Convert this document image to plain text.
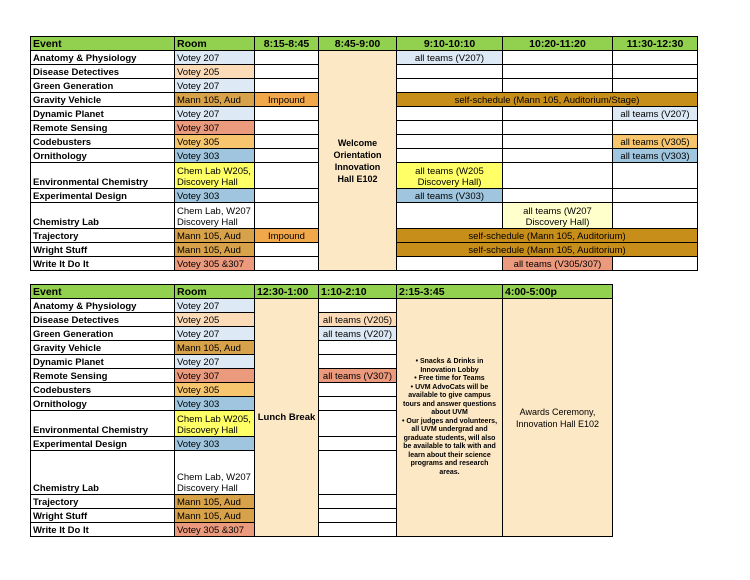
Event	Room	8:15-8:45	8:45-9:00	9:10-10:10	10:20-11:20	11:30-12:30
Anatomy & Physiology	Votey 207		Welcome Orientation Innovation Hall E102	all teams (V207)		
Disease Detectives	Votey 205					
Green Generation	Votey 207					
Gravity Vehicle	Mann 105, Aud	Impound		self-schedule (Mann 105, Auditorium/Stage)		
Dynamic Planet	Votey 207					all teams (V207)
Remote Sensing	Votey 307					
Codebusters	Votey 305					all teams (V305)
Ornithology	Votey 303					all teams (V303)
Environmental Chemistry	Chem Lab W205, Discovery Hall			all teams (W205 Discovery Hall)		
Experimental Design	Votey 303			all teams (V303)		
Chemistry Lab	Chem Lab, W207 Discovery Hall				all teams (W207 Discovery Hall)	
Trajectory	Mann 105, Aud	Impound		self-schedule (Mann 105, Auditorium)		
Wright Stuff	Mann 105, Aud			self-schedule (Mann 105, Auditorium)		
Write It Do It	Votey 305 &307				all teams (V305/307)	
Event	Room	12:30-1:00	1:10-2:10	2:15-3:45	4:00-5:00p
Anatomy & Physiology	Votey 207	Lunch Break		• Snacks & Drinks in Innovation Lobby
• Free time for Teams
• UVM AdvoCats will be available to give campus tours and answer questions about UVM
• Our judges and volunteers, all UVM undergrad and graduate students, will also be available to talk with and learn about their science programs and research areas.	Awards Ceremony, Innovation Hall E102
Disease Detectives	Votey 205		all teams (V205)		
Green Generation	Votey 207		all teams (V207)		
Gravity Vehicle	Mann 105, Aud				
Dynamic Planet	Votey 207				
Remote Sensing	Votey 307		all teams (V307)		
Codebusters	Votey 305				
Ornithology	Votey 303				
Environmental Chemistry	Chem Lab W205, Discovery Hall				
Experimental Design	Votey 303				
Chemistry Lab	Chem Lab, W207 Discovery Hall				
Trajectory	Mann 105, Aud				
Wright Stuff	Mann 105, Aud				
Write It Do It	Votey 305 &307				
